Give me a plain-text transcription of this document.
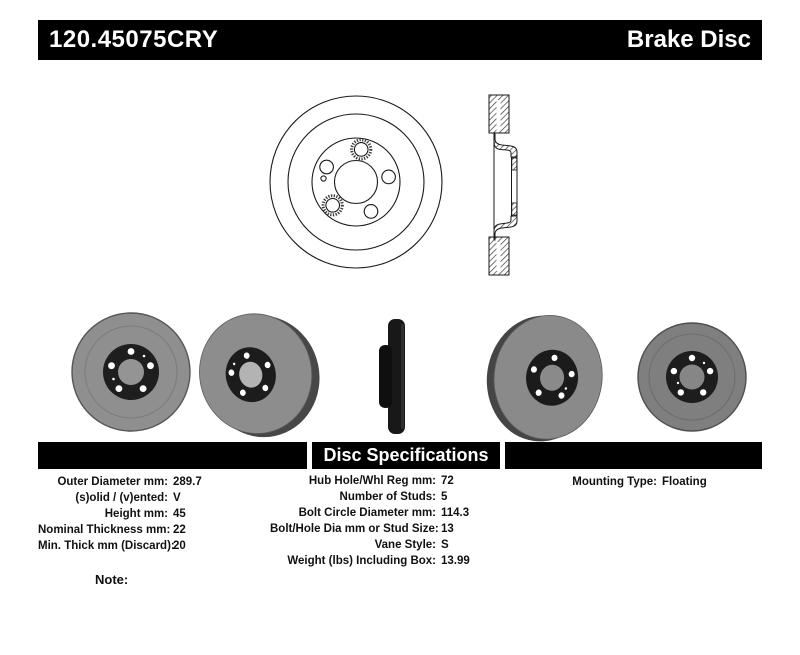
120.45075CRY	Brake Disc
Disc Specifications
Outer Diameter mm: 289.7
(s)olid / (v)ented: V
Height mm: 45
Nominal Thickness mm: 22
Min. Thick mm (Discard):
20
Hub Hole/Whl Reg mm: 72
Number of Studs: 5
Bolt Circle Diameter mm: 114.3
Bolt/Hole Dia mm or Stud Size: 13
Vane Style: S
Weight (lbs) Including Box: 13.99
Mounting Type: Floating
Note:
